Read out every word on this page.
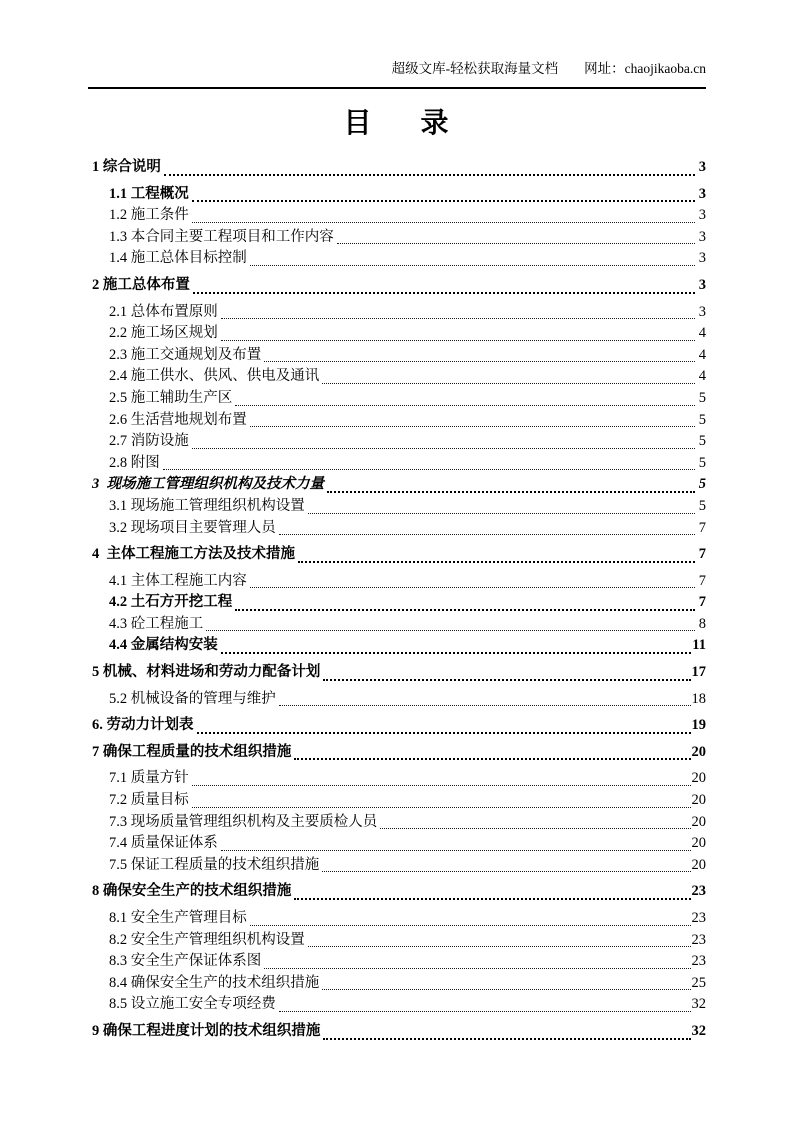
超级文库-轻松获取海量文档 网址：chaojikaoba.cn
目      录
1 综合说明	3
1.1 工程概况	3
1.2 施工条件	3
1.3 本合同主要工程项目和工作内容	3
1.4 施工总体目标控制	3
2 施工总体布置	3
2.1 总体布置原则	3
2.2 施工场区规划	4
2.3 施工交通规划及布置	4
2.4 施工供水、供风、供电及通讯	4
2.5 施工辅助生产区	5
2.6 生活营地规划布置	5
2.7 消防设施	5
2.8 附图	5
3  现场施工管理组织机构及技术力量	5
3.1 现场施工管理组织机构设置	5
3.2 现场项目主要管理人员	7
4  主体工程施工方法及技术措施	7
4.1 主体工程施工内容	7
4.2 土石方开挖工程	7
4.3 砼工程施工	8
4.4 金属结构安装	11
5 机械、材料进场和劳动力配备计划	17
5.2 机械设备的管理与维护	18
6. 劳动力计划表	19
7 确保工程质量的技术组织措施	20
7.1 质量方针	20
7.2 质量目标	20
7.3 现场质量管理组织机构及主要质检人员	20
7.4 质量保证体系	20
7.5 保证工程质量的技术组织措施	20
8 确保安全生产的技术组织措施	23
8.1 安全生产管理目标	23
8.2 安全生产管理组织机构设置	23
8.3 安全生产保证体系图	23
8.4 确保安全生产的技术组织措施	25
8.5 设立施工安全专项经费	32
9 确保工程进度计划的技术组织措施	32
